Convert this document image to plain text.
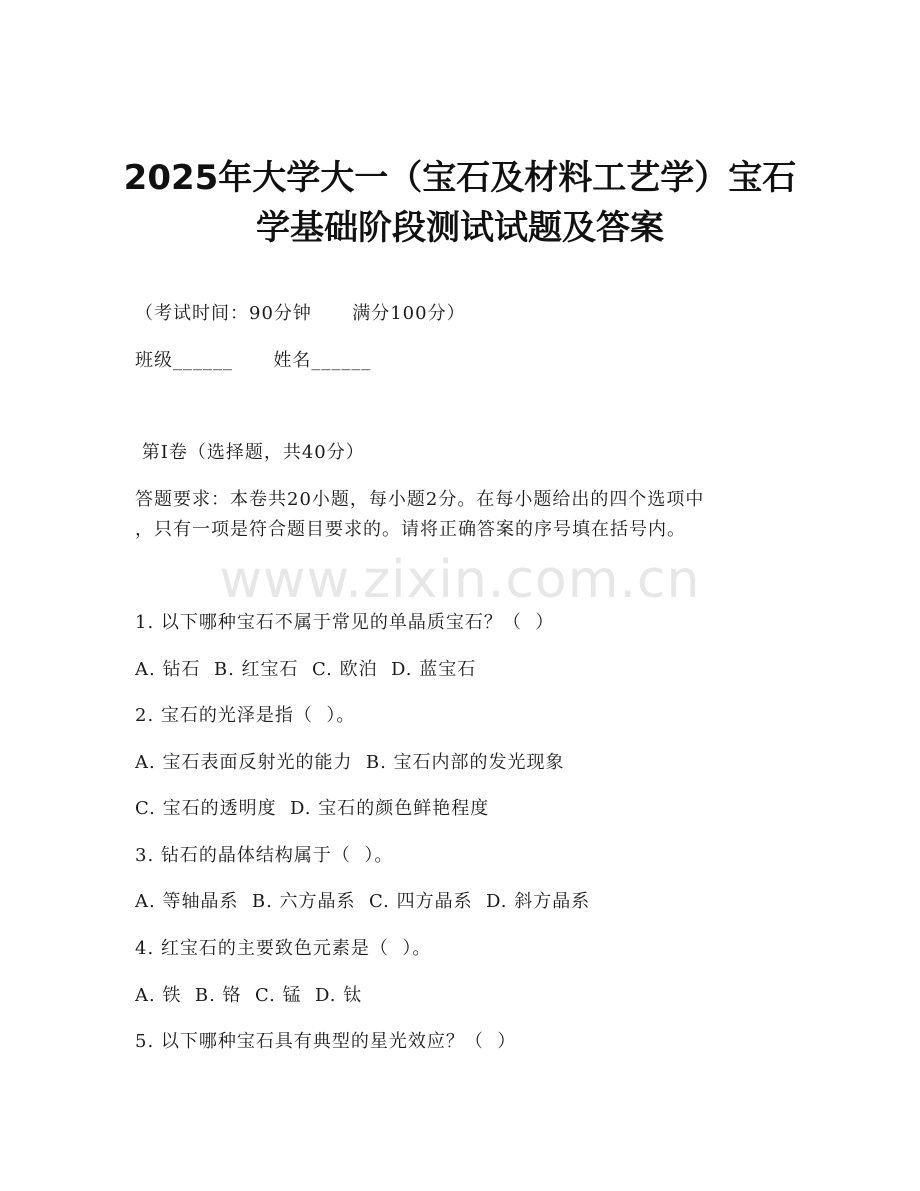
2025年大学大一（宝石及材料工艺学）宝石
学基础阶段测试试题及答案
（考试时间：90分钟      满分100分）
班级______      姓名______
第Ⅰ卷（选择题，共40分）
答题要求：本卷共20小题，每小题2分。在每小题给出的四个选项中
，只有一项是符合题目要求的。请将正确答案的序号填在括号内。
www.zixin.com.cn
1. 以下哪种宝石不属于常见的单晶质宝石？（  ）
A. 钻石  B. 红宝石  C. 欧泊  D. 蓝宝石
2. 宝石的光泽是指（  ）。
A. 宝石表面反射光的能力  B. 宝石内部的发光现象
C. 宝石的透明度  D. 宝石的颜色鲜艳程度
3. 钻石的晶体结构属于（  ）。
A. 等轴晶系  B. 六方晶系  C. 四方晶系  D. 斜方晶系
4. 红宝石的主要致色元素是（  ）。
A. 铁  B. 铬  C. 锰  D. 钛
5. 以下哪种宝石具有典型的星光效应？（  ）
